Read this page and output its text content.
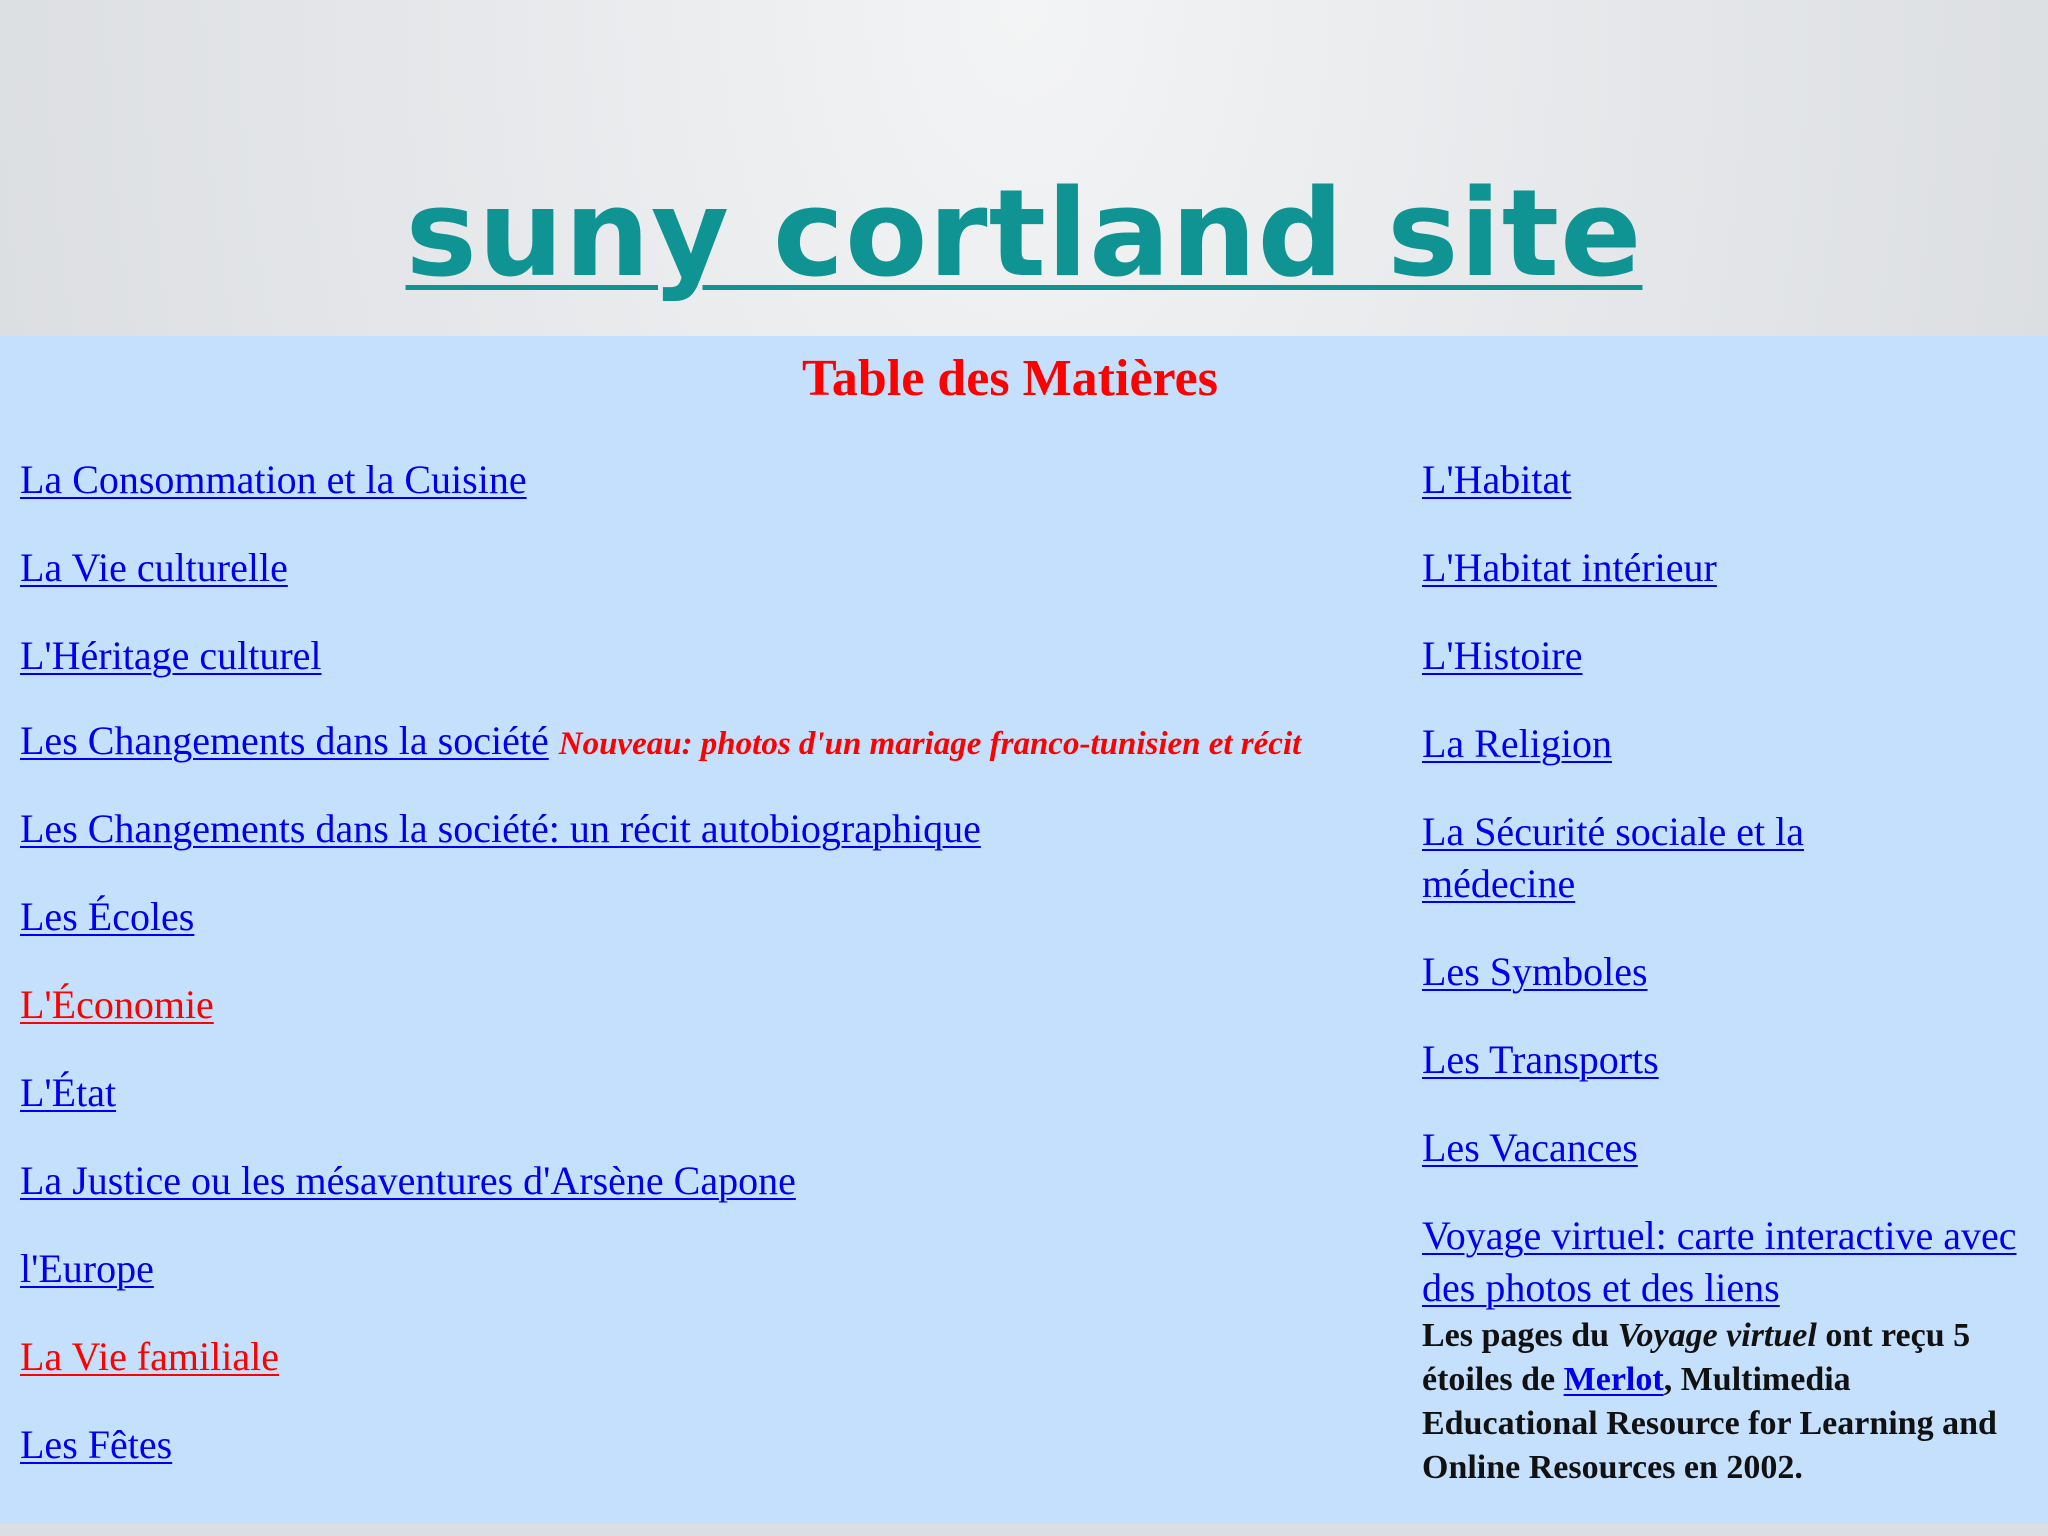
suny cortland site
Table des Matières
La Consommation et la Cuisine
La Vie culturelle
L'Héritage culturel
Les Changements dans la société Nouveau: photos d'un mariage franco-tunisien et récit
Les Changements dans la société: un récit autobiographique
Les Écoles
L'Économie
L'État
La Justice ou les mésaventures d'Arsène Capone
l'Europe
La Vie familiale
Les Fêtes
L'Habitat
L'Habitat intérieur
L'Histoire
La Religion
La Sécurité sociale et la médecine
Les Symboles
Les Transports
Les Vacances
Voyage virtuel: carte interactive avec des photos et des liens
Les pages du Voyage virtuel ont reçu 5 étoiles de Merlot, Multimedia Educational Resource for Learning and Online Resources en 2002.
